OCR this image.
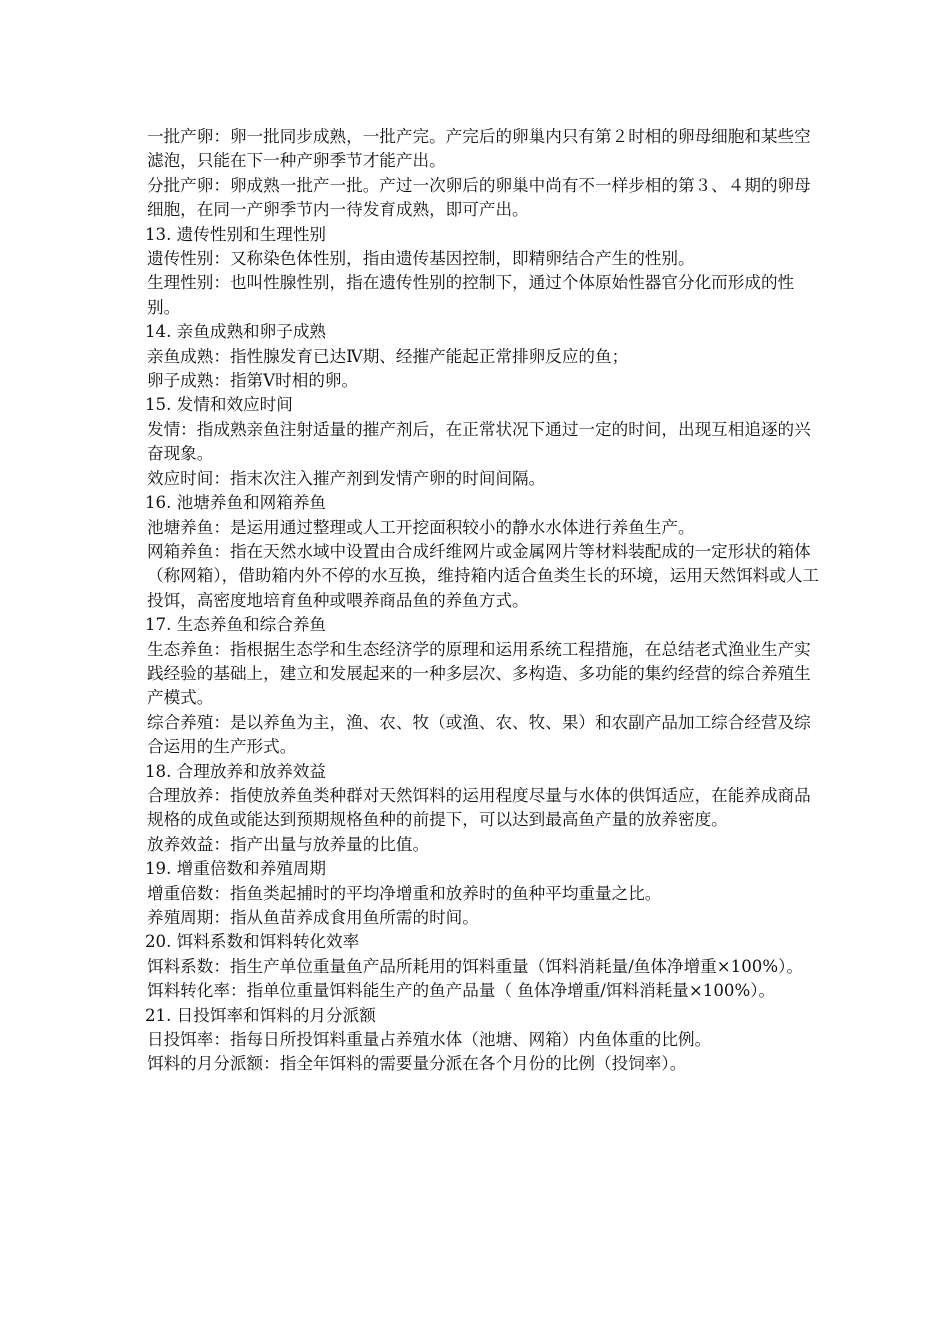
一批产卵：卵一批同步成熟，一批产完。产完后的卵巢内只有第２时相的卵母细胞和某些空滤泡，只能在下一种产卵季节才能产出。

分批产卵：卵成熟一批产一批。产过一次卵后的卵巢中尚有不一样步相的第３、４期的卵母细胞，在同一产卵季节内一待发育成熟，即可产出。

13. 遗传性别和生理性别

遗传性别：又称染色体性别，指由遗传基因控制，即精卵结合产生的性别。

生理性别：也叫性腺性别，指在遗传性别的控制下，通过个体原始性器官分化而形成的性别。

14. 亲鱼成熟和卵子成熟

亲鱼成熟：指性腺发育已达Ⅳ期、经摧产能起正常排卵反应的鱼；

卵子成熟：指第Ⅴ时相的卵。

15. 发情和效应时间

发情：指成熟亲鱼注射适量的摧产剂后，在正常状况下通过一定的时间，出现互相追逐的兴奋现象。

效应时间：指末次注入摧产剂到发情产卵的时间间隔。

16. 池塘养鱼和网箱养鱼

池塘养鱼：是运用通过整理或人工开挖面积较小的静水水体进行养鱼生产。

网箱养鱼：指在天然水域中设置由合成纤维网片或金属网片等材料装配成的一定形状的箱体（称网箱），借助箱内外不停的水互换，维持箱内适合鱼类生长的环境，运用天然饵料或人工投饵，高密度地培育鱼种或喂养商品鱼的养鱼方式。

17. 生态养鱼和综合养鱼

生态养鱼：指根据生态学和生态经济学的原理和运用系统工程措施，在总结老式渔业生产实践经验的基础上，建立和发展起来的一种多层次、多构造、多功能的集约经营的综合养殖生产模式。

综合养殖：是以养鱼为主，渔、农、牧（或渔、农、牧、果）和农副产品加工综合经营及综合运用的生产形式。

18. 合理放养和放养效益

合理放养：指使放养鱼类种群对天然饵料的运用程度尽量与水体的供饵适应，在能养成商品规格的成鱼或能达到预期规格鱼种的前提下，可以达到最高鱼产量的放养密度。

放养效益：指产出量与放养量的比值。

19. 增重倍数和养殖周期

增重倍数：指鱼类起捕时的平均净增重和放养时的鱼种平均重量之比。

养殖周期：指从鱼苗养成食用鱼所需的时间。

20. 饵料系数和饵料转化效率

饵料系数：指生产单位重量鱼产品所耗用的饵料重量（饵料消耗量/鱼体净增重×100%）。

饵料转化率：指单位重量饵料能生产的鱼产品量（ 鱼体净增重/饵料消耗量×100%）。

21. 日投饵率和饵料的月分派额

日投饵率：指每日所投饵料重量占养殖水体（池塘、网箱）内鱼体重的比例。

饵料的月分派额：指全年饵料的需要量分派在各个月份的比例（投饲率）。
